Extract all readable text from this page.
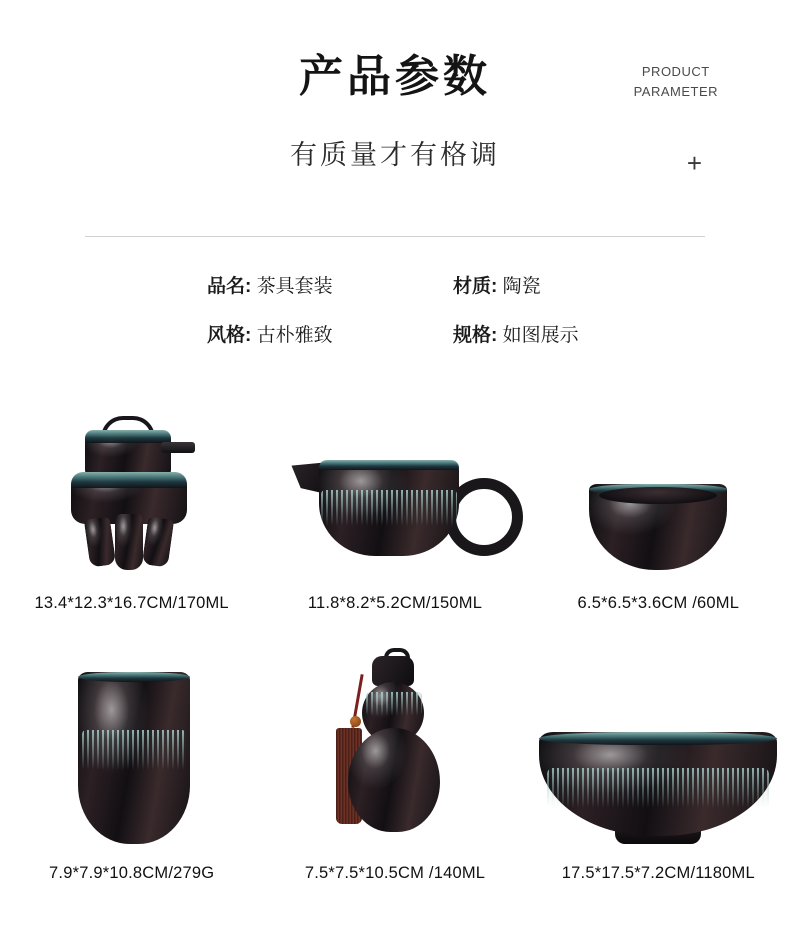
产品参数
有质量才有格调
PRODUCT
PARAMETER
+
品名: 茶具套装	材质: 陶瓷
风格: 古朴雅致	规格: 如图展示
13.4*12.3*16.7CM/170ML	11.8*8.2*5.2CM/150ML	6.5*6.5*3.6CM /60ML
7.9*7.9*10.8CM/279G	7.5*7.5*10.5CM /140ML	17.5*17.5*7.2CM/1180ML
